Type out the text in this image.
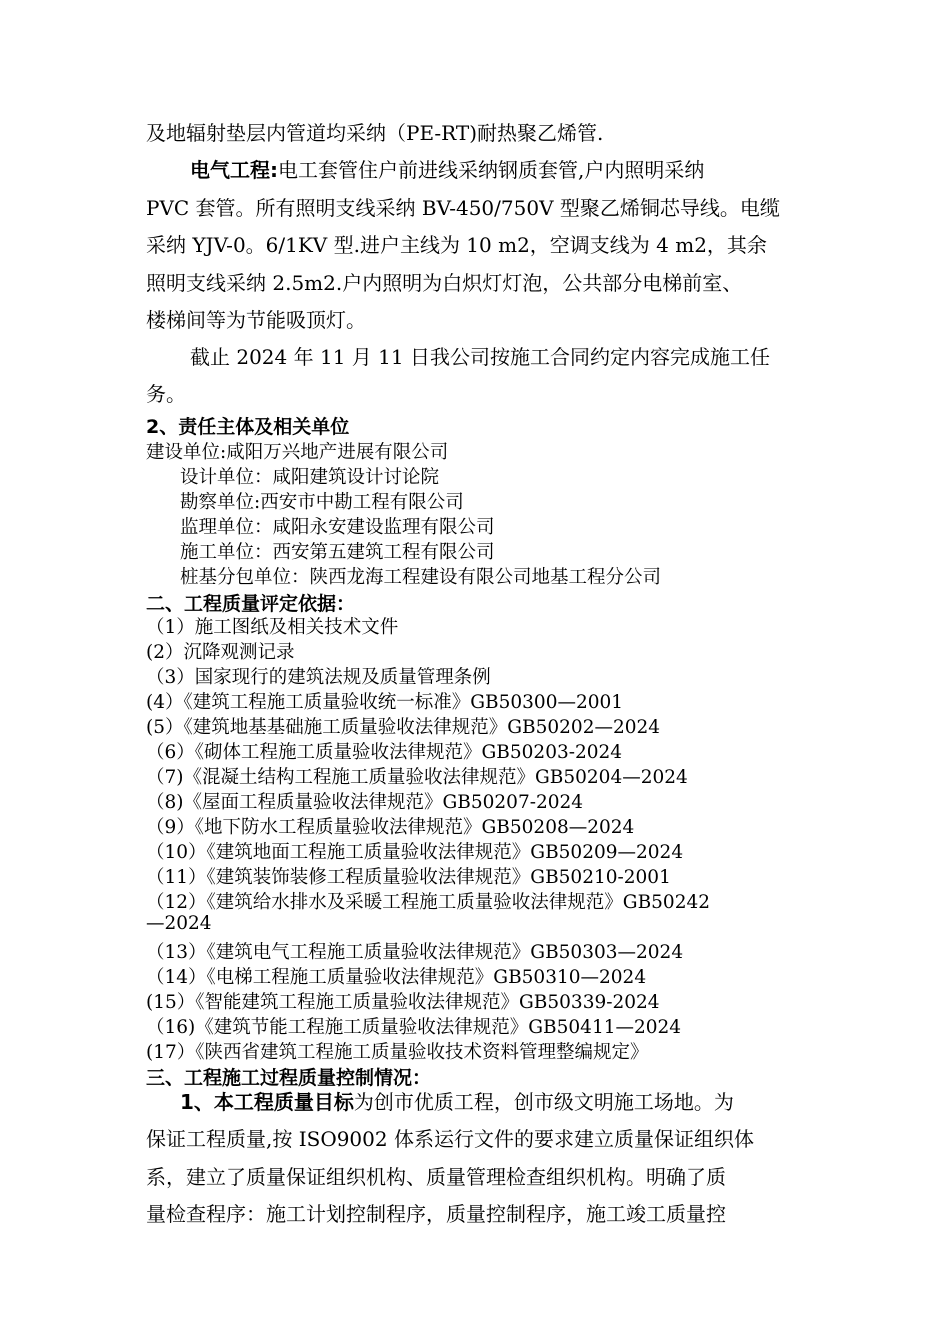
及地辐射垫层内管道均采纳（PE-RT)耐热聚乙烯管.
电气工程:电工套管住户前进线采纳钢质套管,户内照明采纳
PVC 套管。所有照明支线采纳 BV-450/750V 型聚乙烯铜芯导线。电缆
采纳 YJV-0。6/1KV 型.进户主线为 10 m2，空调支线为 4 m2，其余
照明支线采纳 2.5m2.户内照明为白炽灯灯泡，公共部分电梯前室、
楼梯间等为节能吸顶灯。
截止 2024 年 11 月 11 日我公司按施工合同约定内容完成施工任
务。
2、责任主体及相关单位
建设单位:咸阳万兴地产进展有限公司
设计单位：咸阳建筑设计讨论院
勘察单位:西安市中勘工程有限公司
监理单位：咸阳永安建设监理有限公司
施工单位：西安第五建筑工程有限公司
桩基分包单位：陕西龙海工程建设有限公司地基工程分公司
二、工程质量评定依据：
（1）施工图纸及相关技术文件
(2）沉降观测记录
（3）国家现行的建筑法规及质量管理条例
(4）《建筑工程施工质量验收统一标准》GB50300—2001
(5）《建筑地基基础施工质量验收法律规范》GB50202—2024
（6）《砌体工程施工质量验收法律规范》GB50203-2024
（7)《混凝土结构工程施工质量验收法律规范》GB50204—2024
（8)《屋面工程质量验收法律规范》GB50207-2024
（9）《地下防水工程质量验收法律规范》GB50208—2024
（10）《建筑地面工程施工质量验收法律规范》GB50209—2024
（11）《建筑装饰装修工程质量验收法律规范》GB50210-2001
（12）《建筑给水排水及采暖工程施工质量验收法律规范》GB50242
—2024
（13）《建筑电气工程施工质量验收法律规范》GB50303—2024
（14）《电梯工程施工质量验收法律规范》GB50310—2024
(15）《智能建筑工程施工质量验收法律规范》GB50339-2024
（16)《建筑节能工程施工质量验收法律规范》GB50411—2024
(17）《陕西省建筑工程施工质量验收技术资料管理整编规定》
三、工程施工过程质量控制情况：
1、本工程质量目标为创市优质工程，创市级文明施工场地。为
保证工程质量,按 ISO9002 体系运行文件的要求建立质量保证组织体
系，建立了质量保证组织机构、质量管理检查组织机构。明确了质
量检查程序：施工计划控制程序，质量控制程序，施工竣工质量控
